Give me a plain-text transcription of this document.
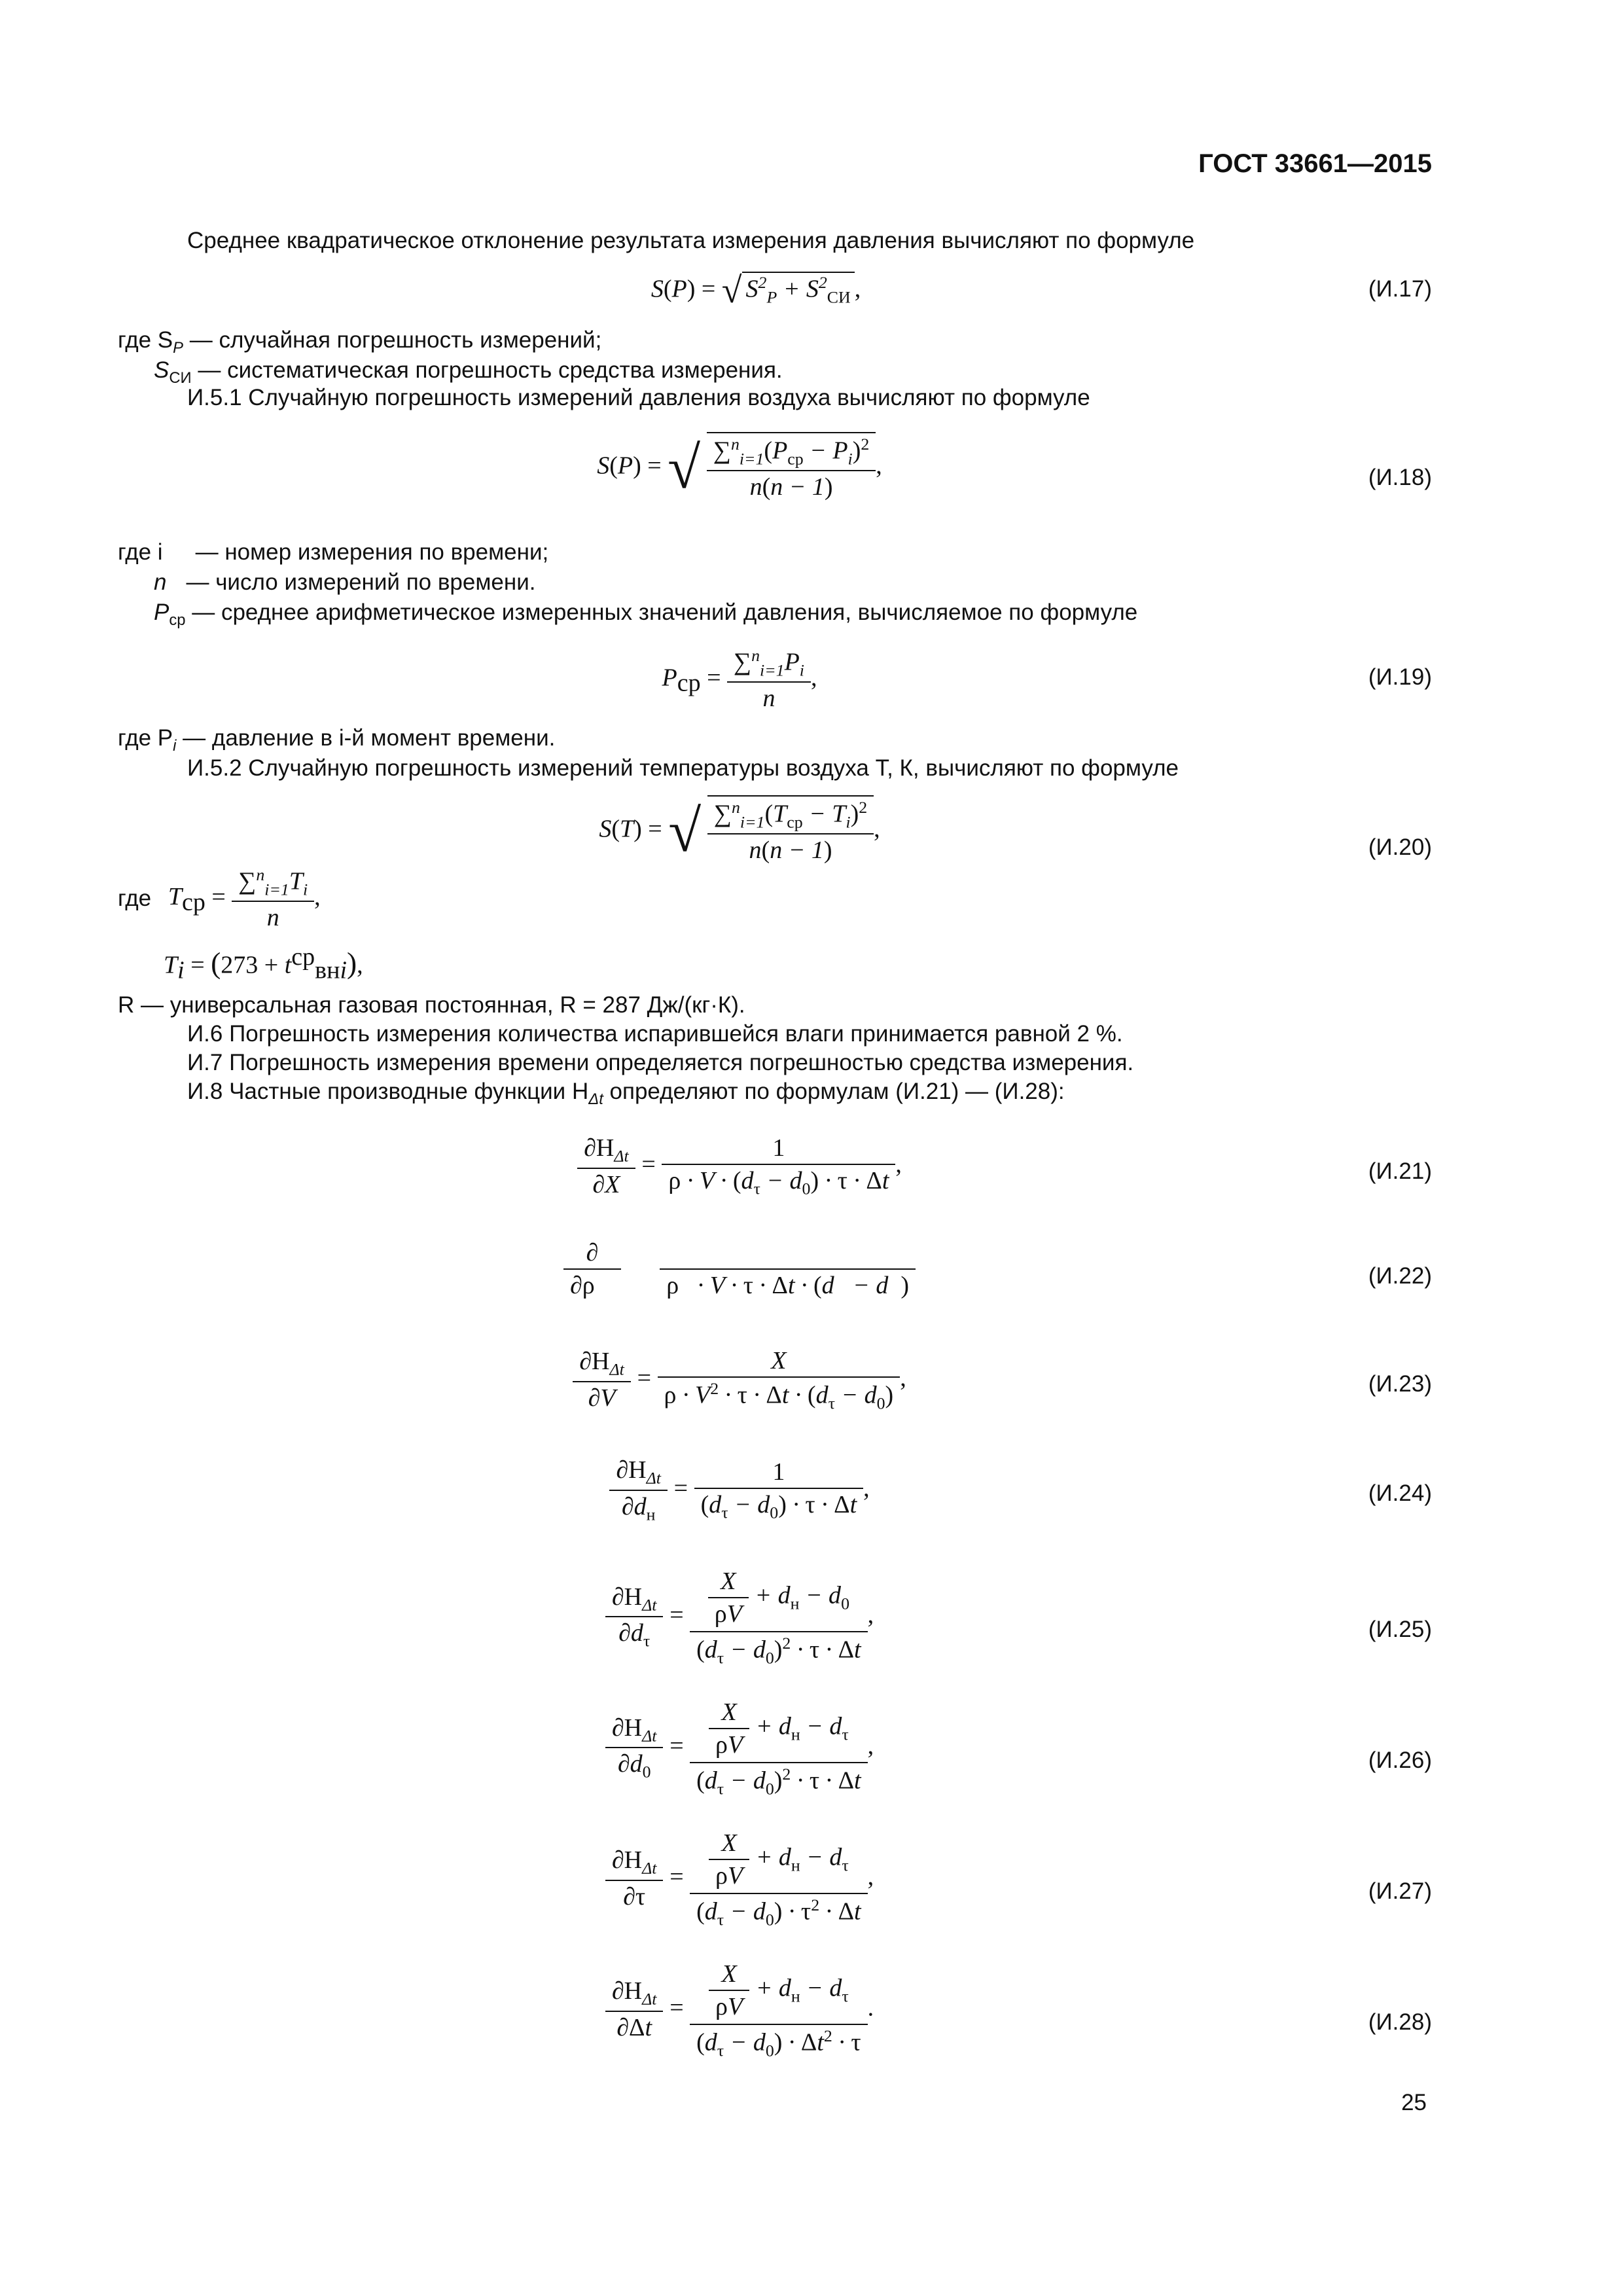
ГОСТ 33661—2015
Среднее квадратическое отклонение результата измерения давления вычисляют по формуле
S(P) = √ $S^2_P + S^2_{СИ}$ ,	(И.17)
где $S_P$ — случайная погрешность измерений;
$S_{СИ}$ — систематическая погрешность средства измерения.
И.5.1 Случайную погрешность измерений давления воздуха вычисляют по формуле
S(P) = √ $\frac{\sum^n_{i=1}(P_{ср} - P_i)^2}{n(n - 1)}$ ,	(И.18)
где i — номер измерения по времени;
n — число измерений по времени.
$P_{ср}$ — среднее арифметическое измеренных значений давления, вычисляемое по формуле
$P_{ср} = \frac{\sum^n_{i=1}P_i}{n}$ ,	(И.19)
где $P_i$ — давление в i-й момент времени.
И.5.2 Случайную погрешность измерений температуры воздуха T, К, вычисляют по формуле
S(T) = √ $\frac{\sum^n_{i=1}(T_{ср} - T_i)^2}{n(n - 1)}$ ,
(И.20)
где $T_{ср} = \frac{\sum^n_{i=1}T_i}{n}$ ,
$T_i = (273 + t^{ср}_{внi})$,
R — универсальная газовая постоянная, R = 287 Дж/(кг·К).
И.6 Погрешность измерения количества испарившейся влаги принимается равной 2 %.
И.7 Погрешность измерения времени определяется погрешностью средства измерения.
И.8 Частные производные функции $H_{\Delta t}$ определяют по формулам (И.21) — (И.28):
$\frac{\partial H_{\Delta t}}{\partial X} = \frac{1}{\rho \cdot V \cdot (d_\tau - d_0) \cdot \tau \cdot \Delta t}$ ,	(И.21)
$\frac{\partial}{\partial\rho}$

ρ   · V · τ · Δt · (d   − d  )	(И.22)
$\frac{\partial H_{\Delta t}}{\partial V} = \frac{X}{\rho \cdot V^2 \cdot \tau \cdot \Delta t \cdot (d_\tau - d_0)}$ ,	(И.23)
$\frac{\partial H_{\Delta t}}{\partial d_н} = \frac{1}{(d_\tau - d_0) \cdot \tau \cdot \Delta t}$ ,	(И.24)
$\frac{\partial H_{\Delta t}}{\partial d_\tau} = \frac{\frac{X}{\rho V} + d_н - d_0}{(d_\tau - d_0)^2 \cdot \tau \cdot \Delta t}$ ,
(И.25)
$\frac{\partial H_{\Delta t}}{\partial d_0} = \frac{\frac{X}{\rho V} + d_н - d_\tau}{(d_\tau - d_0)^2 \cdot \tau \cdot \Delta t}$ ,
(И.26)
$\frac{\partial H_{\Delta t}}{\partial\tau} = \frac{\frac{X}{\rho V} + d_н - d_\tau}{(d_\tau - d_0) \cdot \tau^2 \cdot \Delta t}$ ,
(И.27)
$\frac{\partial H_{\Delta t}}{\partial\Delta t} = \frac{\frac{X}{\rho V} + d_н - d_\tau}{(d_\tau - d_0) \cdot \Delta t^2 \cdot \tau}$ .
(И.28)
25
